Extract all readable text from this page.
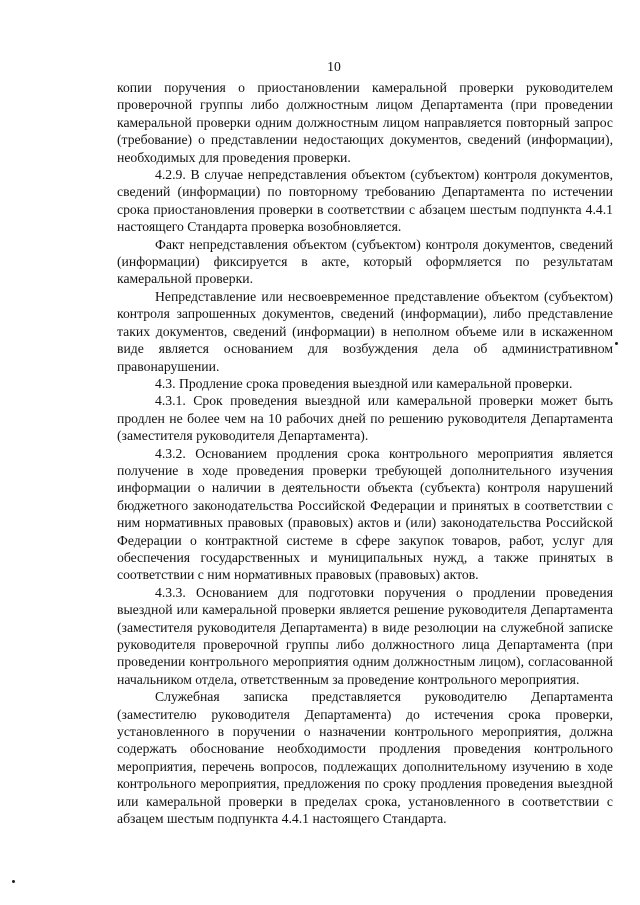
10

копии поручения о приостановлении камеральной проверки руководителем проверочной группы либо должностным лицом Департамента (при проведении камеральной проверки одним должностным лицом направляется повторный запрос (требование) о представлении недостающих документов, сведений (информации), необходимых для проведения проверки.

4.2.9. В случае непредставления объектом (субъектом) контроля документов, сведений (информации) по повторному требованию Департамента по истечении срока приостановления проверки в соответствии с абзацем шестым подпункта 4.4.1 настоящего Стандарта проверка возобновляется.

Факт непредставления объектом (субъектом) контроля документов, сведений (информации) фиксируется в акте, который оформляется по результатам камеральной проверки.

Непредставление или несвоевременное представление объектом (субъектом) контроля запрошенных документов, сведений (информации), либо представление таких документов, сведений (информации) в неполном объеме или в искаженном виде является основанием для возбуждения дела об административном правонарушении.

4.3. Продление срока проведения выездной или камеральной проверки.

4.3.1. Срок проведения выездной или камеральной проверки может быть продлен не более чем на 10 рабочих дней по решению руководителя Департамента (заместителя руководителя Департамента).

4.3.2. Основанием продления срока контрольного мероприятия является получение в ходе проведения проверки требующей дополнительного изучения информации о наличии в деятельности объекта (субъекта) контроля нарушений бюджетного законодательства Российской Федерации и принятых в соответствии с ним нормативных правовых (правовых) актов и (или) законодательства Российской Федерации о контрактной системе в сфере закупок товаров, работ, услуг для обеспечения государственных и муниципальных нужд, а также принятых в соответствии с ним нормативных правовых (правовых) актов.

4.3.3. Основанием для подготовки поручения о продлении проведения выездной или камеральной проверки является решение руководителя Департамента (заместителя руководителя Департамента) в виде резолюции на служебной записке руководителя проверочной группы либо должностного лица Департамента (при проведении контрольного мероприятия одним должностным лицом), согласованной начальником отдела, ответственным за проведение контрольного мероприятия.

Служебная записка представляется руководителю Департамента (заместителю руководителя Департамента) до истечения срока проверки, установленного в поручении о назначении контрольного мероприятия, должна содержать обоснование необходимости продления проведения контрольного мероприятия, перечень вопросов, подлежащих дополнительному изучению в ходе контрольного мероприятия, предложения по сроку продления проведения выездной или камеральной проверки в пределах срока, установленного в соответствии с абзацем шестым подпункта 4.4.1 настоящего Стандарта.
